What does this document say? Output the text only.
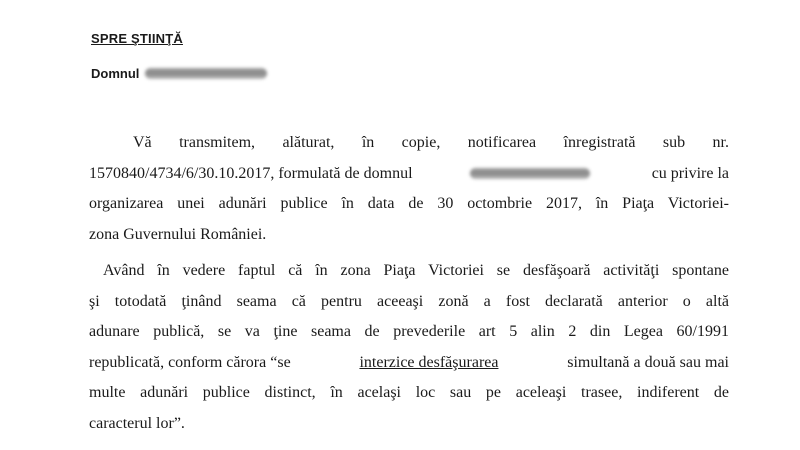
SPRE ŞTIINŢĂ
Domnul
Vă transmitem, alăturat, în copie, notificarea înregistrată sub nr.
1570840/4734/6/30.10.2017, formulată de domnul	cu privire la
organizarea unei adunări publice în data de 30 octombrie 2017, în Piaţa Victoriei-
zona Guvernului României.
Având în vedere faptul că în zona Piaţa Victoriei se desfăşoară activităţi spontane
şi totodată ţinând seama că pentru aceeaşi zonă a fost declarată anterior o altă
adunare publică, se va ţine seama de prevederile art 5 alin 2 din Legea 60/1991
republicată, conform cărora “se	interzice desfăşurarea	simultană a două sau mai
multe adunări publice distinct, în acelaşi loc sau pe aceleaşi trasee, indiferent de
caracterul lor”.
